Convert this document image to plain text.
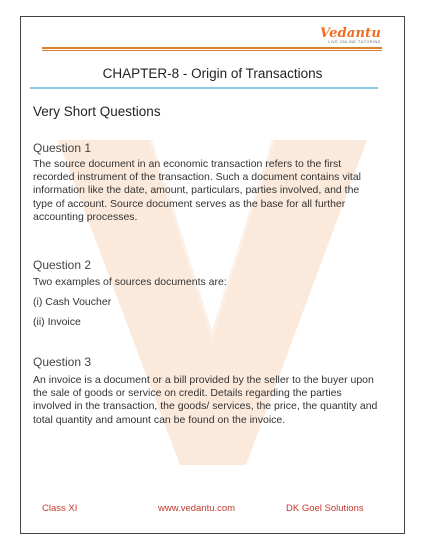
Vedantu
LIVE ONLINE TUTORING
CHAPTER-8 - Origin of Transactions
Very Short Questions
Question 1
The source document in an economic transaction refers to the first recorded instrument of the transaction. Such a document contains vital information like the date, amount, particulars, parties involved, and the type of account. Source document serves as the base for all further accounting processes.
Question 2
Two examples of sources documents are:
(i) Cash Voucher
(ii) Invoice
Question 3
An invoice is a document or a bill provided by the seller to the buyer upon the sale of goods or service on credit. Details regarding the parties involved in the transaction, the goods/ services, the price, the quantity and total quantity and amount can be found on the invoice.
Class XI	www.vedantu.com	DK Goel Solutions
